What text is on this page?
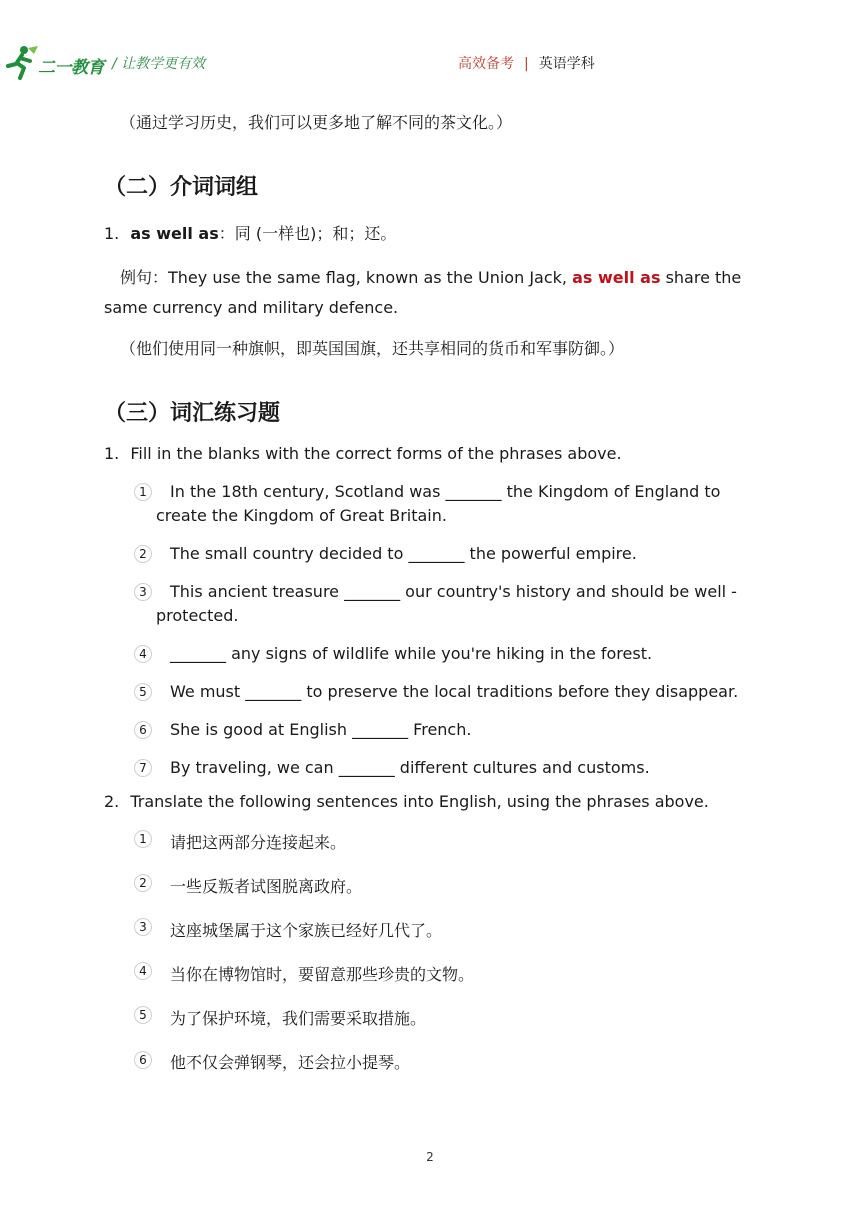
二一教育 / 让教学更有效	高效备考 | 英语学科
（通过学习历史，我们可以更多地了解不同的茶文化。）
（二）介词词组
1. as well as：同 (一样也)；和；还。
例句：They use the same flag, known as the Union Jack, as well as share the
same currency and military defence.
（他们使用同一种旗帜，即英国国旗，还共享相同的货币和军事防御。）
（三）词汇练习题
1. Fill in the blanks with the correct forms of the phrases above.
1	In the 18th century, Scotland was _______ the Kingdom of England to
create the Kingdom of Great Britain.
2	The small country decided to _______ the powerful empire.
3	This ancient treasure _______ our country's history and should be well -
protected.
4	_______ any signs of wildlife while you're hiking in the forest.
5	We must _______ to preserve the local traditions before they disappear.
6	She is good at English _______ French.
7	By traveling, we can _______ different cultures and customs.
2. Translate the following sentences into English, using the phrases above.
1	请把这两部分连接起来。
2	一些反叛者试图脱离政府。
3	这座城堡属于这个家族已经好几代了。
4	当你在博物馆时，要留意那些珍贵的文物。
5	为了保护环境，我们需要采取措施。
6	他不仅会弹钢琴，还会拉小提琴。
2
